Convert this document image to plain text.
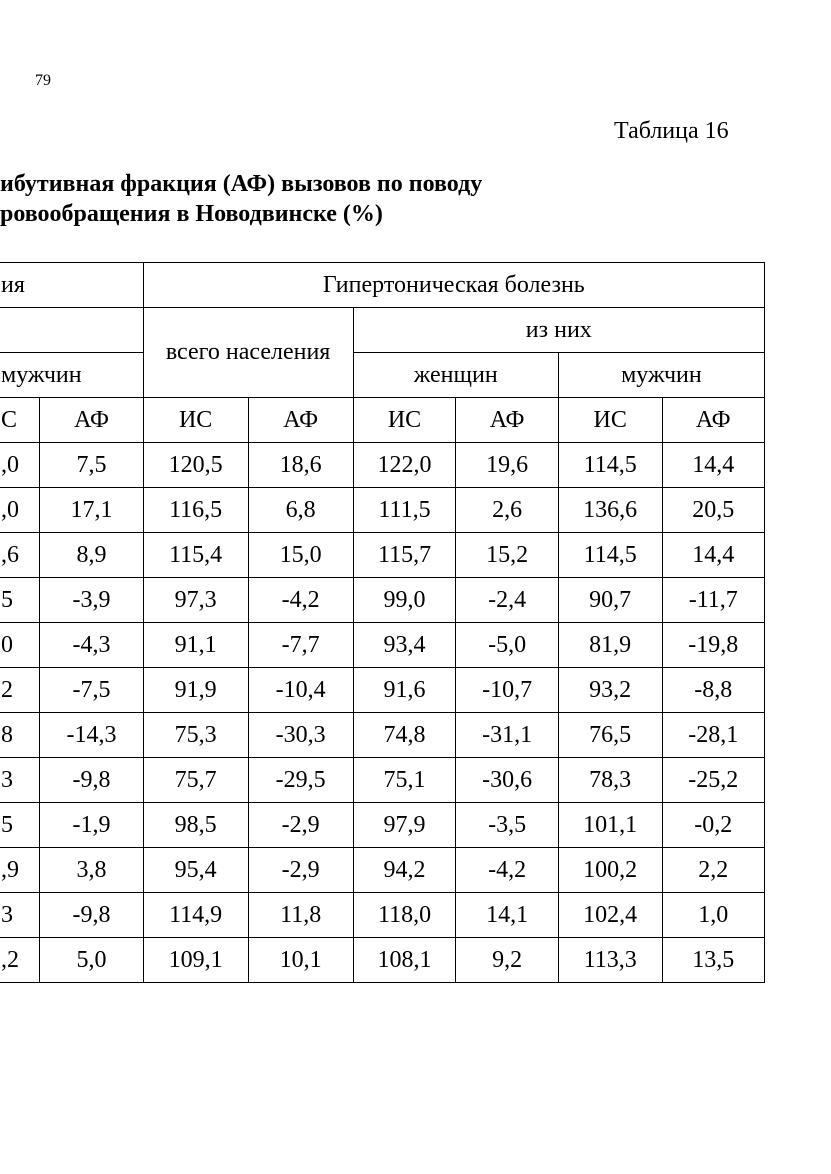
79
Таблица 16
ибутивная фракция (АФ) вызовов по поводу
ровообращения в Новодвинске (%)
ия		Гипертоническая болезнь					
		всего населения		из них			
мужчин				женщин		мужчин	
С	АФ	ИС	АФ	ИС	АФ	ИС	АФ
,0	7,5	120,5	18,6	122,0	19,6	114,5	14,4
,0	17,1	116,5	6,8	111,5	2,6	136,6	20,5
,6	8,9	115,4	15,0	115,7	15,2	114,5	14,4
5	-3,9	97,3	-4,2	99,0	-2,4	90,7	-11,7
0	-4,3	91,1	-7,7	93,4	-5,0	81,9	-19,8
2	-7,5	91,9	-10,4	91,6	-10,7	93,2	-8,8
8	-14,3	75,3	-30,3	74,8	-31,1	76,5	-28,1
3	-9,8	75,7	-29,5	75,1	-30,6	78,3	-25,2
5	-1,9	98,5	-2,9	97,9	-3,5	101,1	-0,2
,9	3,8	95,4	-2,9	94,2	-4,2	100,2	2,2
3	-9,8	114,9	11,8	118,0	14,1	102,4	1,0
,2	5,0	109,1	10,1	108,1	9,2	113,3	13,5
